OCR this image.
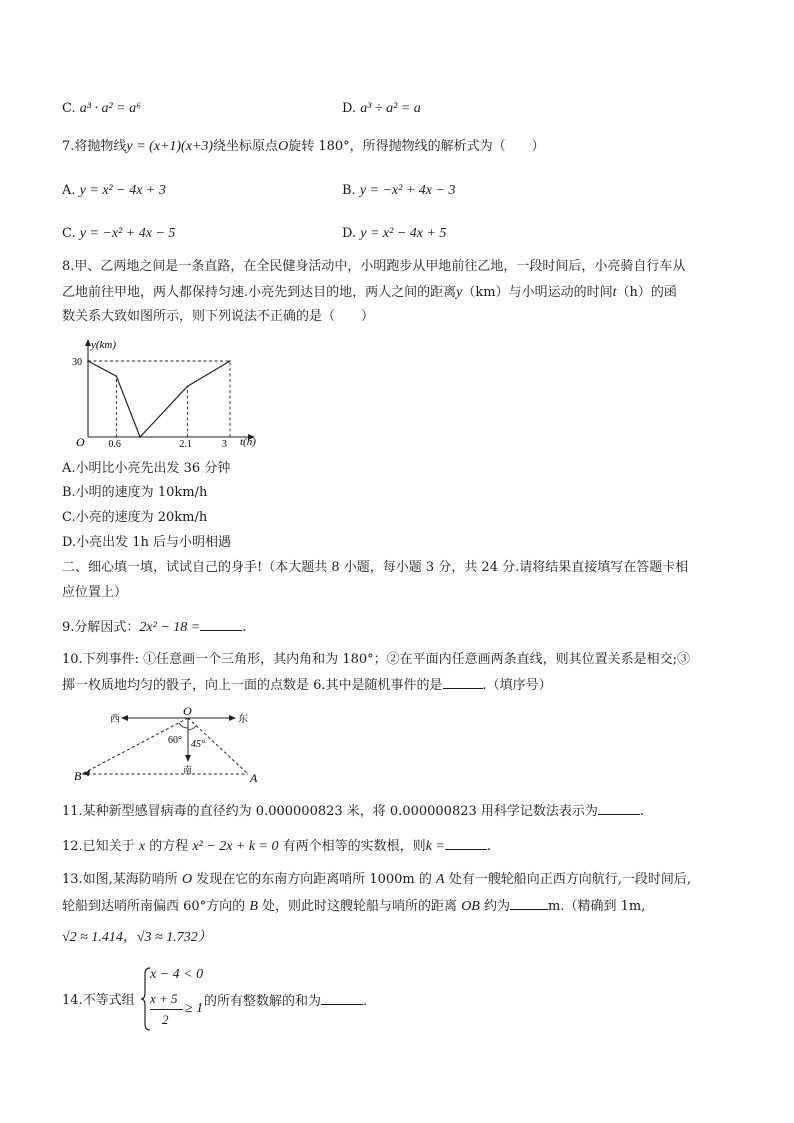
C. a³ · a² = a⁶	D. a³ ÷ a² = a
7.将抛物线y = (x+1)(x+3)绕坐标原点O旋转 180°，所得抛物线的解析式为（　　）
A. y = x² − 4x + 3	B. y = −x² + 4x − 3
C. y = −x² + 4x − 5	D. y = x² − 4x + 5
8.甲、乙两地之间是一条直路，在全民健身活动中，小明跑步从甲地前往乙地，一段时间后，小亮骑自行车从
乙地前往甲地，两人都保持匀速.小亮先到达目的地，两人之间的距离y（km）与小明运动的时间t（h）的函
数关系大致如图所示，则下列说法不正确的是（　　）
y(km)
t(h)
O 0.6	2.1	3
30
A.小明比小亮先出发 36 分钟
B.小明的速度为 10km/h
C.小亮的速度为 20km/h
D.小亮出发 1h 后与小明相遇
二、细心填一填，试试自己的身手!（本大题共 8 小题，每小题 3 分，共 24 分.请将结果直接填写在答题卡相
应位置上）
9.分解因式：2x² − 18 =	.
10.下列事件: ①任意画一个三角形，其内角和为 180°；②在平面内任意画两条直线，则其位置关系是相交;③
掷一枚质地均匀的骰子，向上一面的点数是 6.其中是随机事件的是	.（填序号）
西	东
O
南
60° 45°
B	A
11.某种新型感冒病毒的直径约为 0.000000823 米，将 0.000000823 用科学记数法表示为	.
12.已知关于 x 的方程 x² − 2x + k = 0 有两个相等的实数根，则k =	.
13.如图,某海防哨所 O 发现在它的东南方向距离哨所 1000m 的 A 处有一艘轮船向正西方向航行,一段时间后,
轮船到达哨所南偏西 60°方向的 B 处，则此时这艘轮船与哨所的距离 OB 约为	m.（精确到 1m,
√2 ≈ 1.414，√3 ≈ 1.732）
14.不等式组
x − 4 < 0
x + 5
2
≥ 1 的所有整数解的和为	.
